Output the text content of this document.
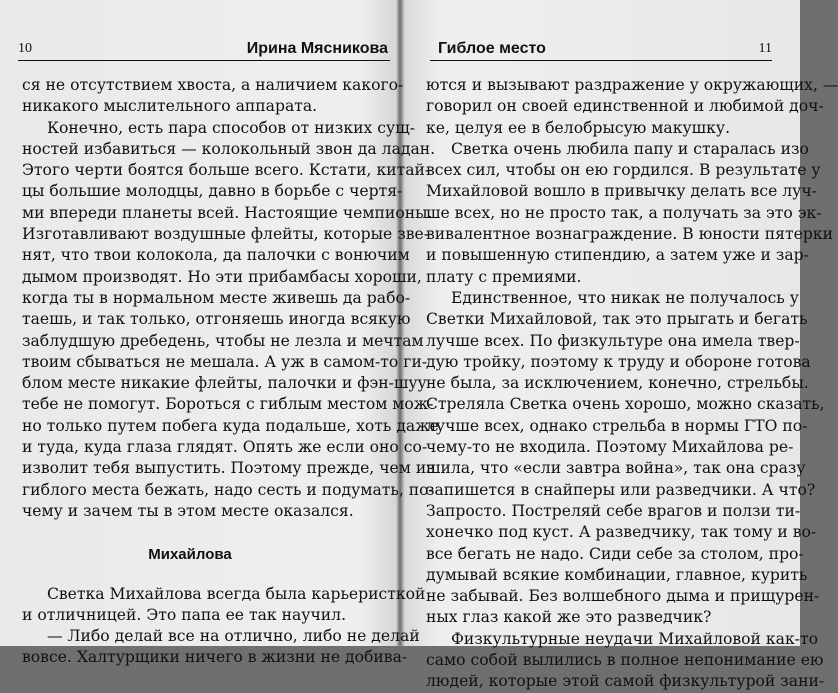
10	Ирина Мясникова
ся не отсутствием хвоста, а наличием какого-
никакого мыслительного аппарата.
Конечно, есть пара способов от низких сущ-
ностей избавиться — колокольный звон да ладан.
Этого черти боятся больше всего. Кстати, китай-
цы большие молодцы, давно в борьбе с чертя-
ми впереди планеты всей. Настоящие чемпионы.
Изготавливают воздушные флейты, которые зве-
нят, что твои колокола, да палочки с вонючим
дымом производят. Но эти прибамбасы хороши,
когда ты в нормальном месте живешь да рабо-
таешь, и так только, отгоняешь иногда всякую
заблудшую дребедень, чтобы не лезла и мечтам
твоим сбываться не мешала. А уж в самом-то ги-
блом месте никакие флейты, палочки и фэн-шуу
тебе не помогут. Бороться с гиблым местом мож-
но только путем побега куда подальше, хоть даже
и туда, куда глаза глядят. Опять же если оно со-
изволит тебя выпустить. Поэтому прежде, чем из
гиблого места бежать, надо сесть и подумать, по-
чему и зачем ты в этом месте оказался.
Михайлова
Светка Михайлова всегда была карьеристкой
и отличницей. Это папа ее так научил.
— Либо делай все на отлично, либо не делай
вовсе. Халтурщики ничего в жизни не добива-
Гиблое место	11
ются и вызывают раздражение у окружающих, —
говорил он своей единственной и любимой доч-
ке, целуя ее в белобрысую макушку.
Светка очень любила папу и старалась изо
всех сил, чтобы он ею гордился. В результате у
Михайловой вошло в привычку делать все луч-
ше всех, но не просто так, а получать за это эк-
вивалентное вознаграждение. В юности пятерки
и повышенную стипендию, а затем уже и зар-
плату с премиями.
Единственное, что никак не получалось у
Светки Михайловой, так это прыгать и бегать
лучше всех. По физкультуре она имела твер-
дую тройку, поэтому к труду и обороне готова
не была, за исключением, конечно, стрельбы.
Стреляла Светка очень хорошо, можно сказать,
лучше всех, однако стрельба в нормы ГТО по-
чему-то не входила. Поэтому Михайлова ре-
шила, что «если завтра война», так она сразу
запишется в снайперы или разведчики. А что?
Запросто. Постреляй себе врагов и ползи ти-
хонечко под куст. А разведчику, так тому и во-
все бегать не надо. Сиди себе за столом, про-
думывай всякие комбинации, главное, курить
не забывай. Без волшебного дыма и прищурен-
ных глаз какой же это разведчик?
Физкультурные неудачи Михайловой как-то
само собой вылились в полное непонимание ею
людей, которые этой самой физкультурой зани-
